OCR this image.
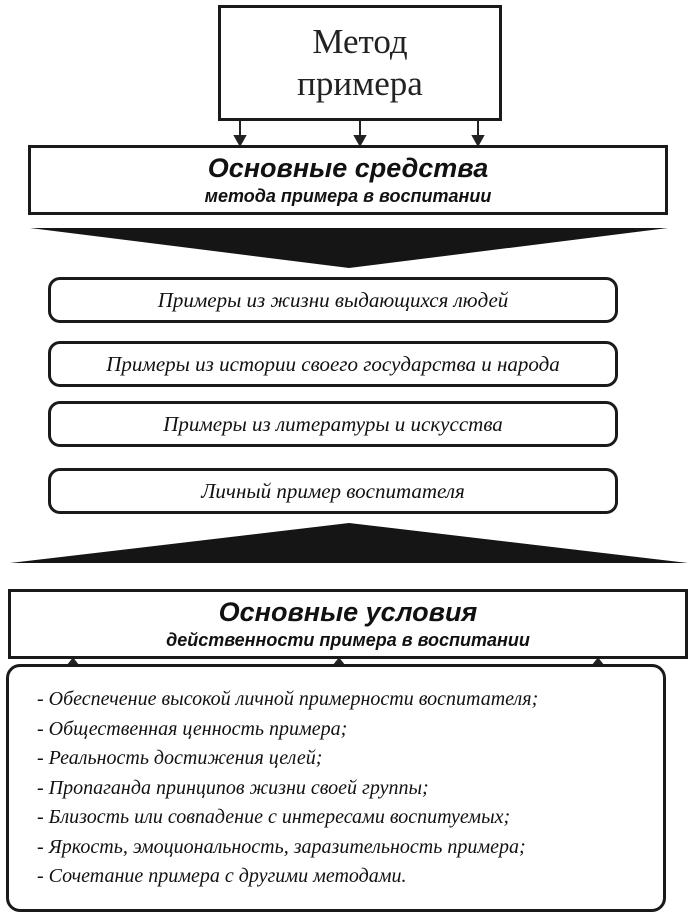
Метод
примера
Основные средства
метода примера в воспитании
Примеры из жизни выдающихся людей
Примеры из истории своего государства и народа
Примеры из литературы и искусства
Личный пример воспитателя
Основные условия
действенности примера в воспитании
- Обеспечение высокой личной примерности воспитателя;
- Общественная ценность примера;
- Реальность достижения целей;
- Пропаганда принципов жизни своей группы;
- Близость или совпадение с интересами воспитуемых;
- Яркость, эмоциональность, заразительность примера;
- Сочетание примера с другими методами.
